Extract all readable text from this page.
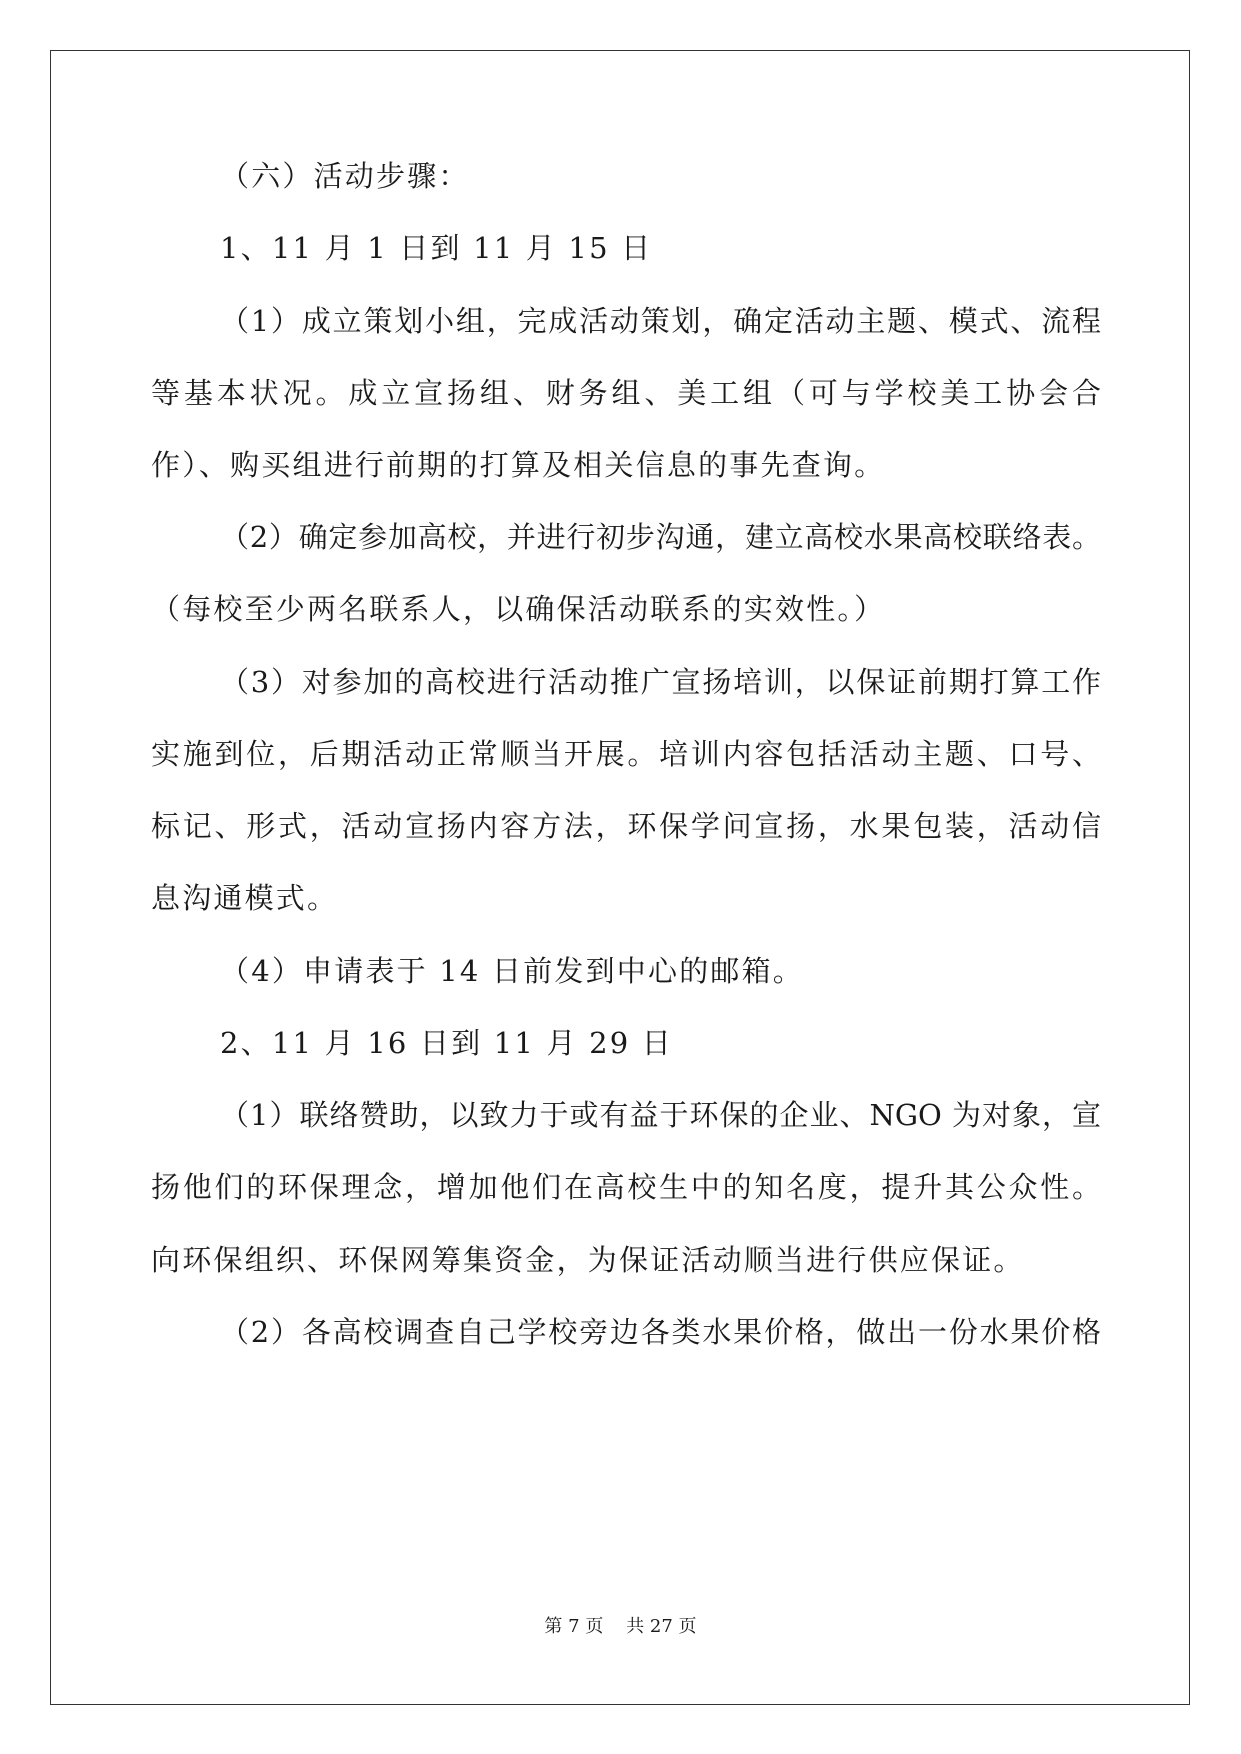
（六）活动步骤：
1、11 月 1 日到 11 月 15 日
（1）成立策划小组，完成活动策划，确定活动主题、模式、流程
等基本状况。成立宣扬组、财务组、美工组（可与学校美工协会合
作）、购买组进行前期的打算及相关信息的事先查询。
（2）确定参加高校，并进行初步沟通，建立高校水果高校联络表。
（每校至少两名联系人，以确保活动联系的实效性。）
（3）对参加的高校进行活动推广宣扬培训，以保证前期打算工作
实施到位，后期活动正常顺当开展。培训内容包括活动主题、口号、
标记、形式，活动宣扬内容方法，环保学问宣扬，水果包装，活动信
息沟通模式。
（4）申请表于 14 日前发到中心的邮箱。
2、11 月 16 日到 11 月 29 日
（1）联络赞助，以致力于或有益于环保的企业、NGO 为对象，宣
扬他们的环保理念，增加他们在高校生中的知名度，提升其公众性。
向环保组织、环保网筹集资金，为保证活动顺当进行供应保证。
（2）各高校调查自己学校旁边各类水果价格，做出一份水果价格
第 7 页    共 27 页
